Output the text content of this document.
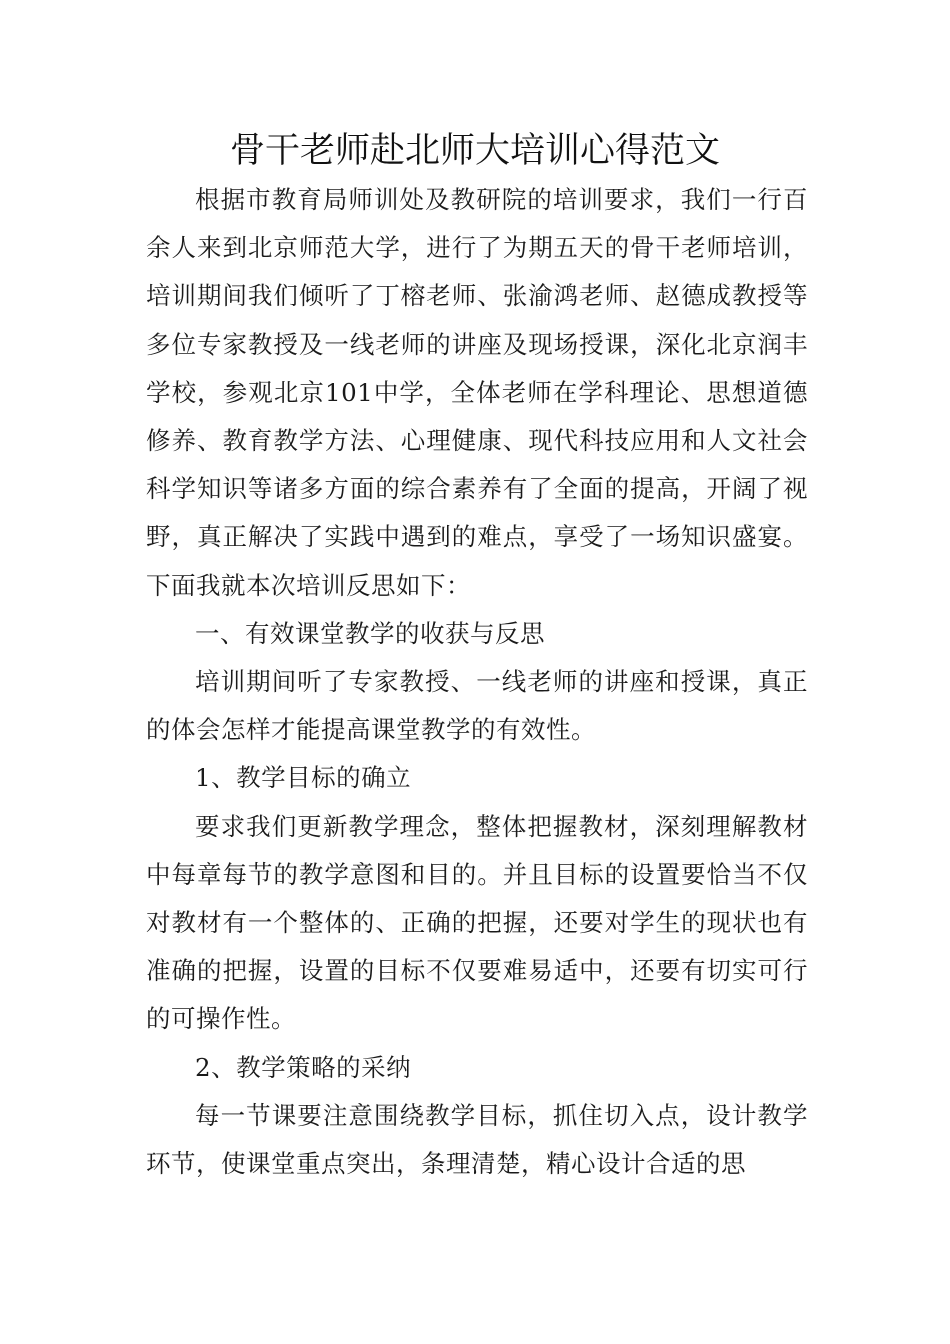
骨干老师赴北师大培训心得范文

根据市教育局师训处及教研院的培训要求，我们一行百余人来到北京师范大学，进行了为期五天的骨干老师培训，培训期间我们倾听了丁榕老师、张渝鸿老师、赵德成教授等多位专家教授及一线老师的讲座及现场授课，深化北京润丰学校，参观北京101中学，全体老师在学科理论、思想道德修养、教育教学方法、心理健康、现代科技应用和人文社会科学知识等诸多方面的综合素养有了全面的提高，开阔了视野，真正解决了实践中遇到的难点，享受了一场知识盛宴。下面我就本次培训反思如下：

一、有效课堂教学的收获与反思

培训期间听了专家教授、一线老师的讲座和授课，真正的体会怎样才能提高课堂教学的有效性。

1、教学目标的确立

要求我们更新教学理念，整体把握教材，深刻理解教材中每章每节的教学意图和目的。并且目标的设置要恰当不仅对教材有一个整体的、正确的把握，还要对学生的现状也有准确的把握，设置的目标不仅要难易适中，还要有切实可行的可操作性。

2、教学策略的采纳

每一节课要注意围绕教学目标，抓住切入点，设计教学环节，使课堂重点突出，条理清楚，精心设计合适的思
